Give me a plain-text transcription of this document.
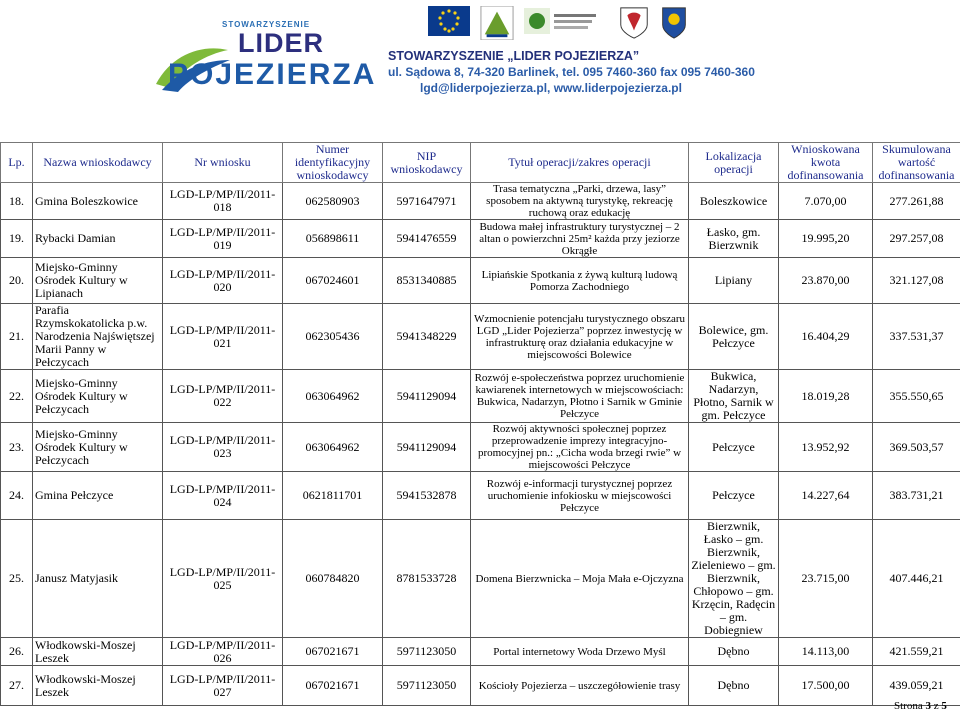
STOWARZYSZENIE
LIDER
POJEZIERZA
STOWARZYSZENIE „LIDER POJEZIERZA”
ul. Sądowa 8, 74-320 Barlinek, tel. 095 7460-360 fax 095 7460-360
lgd@liderpojezierza.pl, www.liderpojezierza.pl
Lp.	Nazwa wnioskodawcy	Nr wniosku	Numer identyfikacyjny wnioskodawcy	NIP wnioskodawcy	Tytuł operacji/zakres operacji	Lokalizacja operacji	Wnioskowana kwota dofinansowania	Skumulowana wartość dofinansowania
18.	Gmina Boleszkowice	LGD-LP/MP/II/2011-018	062580903	5971647971	Trasa tematyczna „Parki, drzewa, lasy” sposobem na aktywną turystykę, rekreację ruchową oraz edukację	Boleszkowice	7.070,00	277.261,88
19.	Rybacki Damian	LGD-LP/MP/II/2011-019	056898611	5941476559	Budowa małej infrastruktury turystycznej – 2 altan o powierzchni 25m² każda przy jeziorze Okrągłe	Łasko, gm. Bierzwnik	19.995,20	297.257,08
20.	Miejsko-Gminny Ośrodek Kultury w Lipianach	LGD-LP/MP/II/2011-020	067024601	8531340885	Lipiańskie Spotkania z żywą kulturą ludową Pomorza Zachodniego	Lipiany	23.870,00	321.127,08
21.	Parafia Rzymskokatolicka p.w. Narodzenia Najświętszej Marii Panny w Pełczycach	LGD-LP/MP/II/2011-021	062305436	5941348229	Wzmocnienie potencjału turystycznego obszaru LGD „Lider Pojezierza” poprzez inwestycję w infrastrukturę oraz działania edukacyjne w miejscowości Bolewice	Bolewice, gm. Pełczyce	16.404,29	337.531,37
22.	Miejsko-Gminny Ośrodek Kultury w Pełczycach	LGD-LP/MP/II/2011-022	063064962	5941129094	Rozwój e-społeczeństwa poprzez uruchomienie kawiarenek internetowych w miejscowościach: Bukwica, Nadarzyn, Płotno i Sarnik w Gminie Pełczyce	Bukwica, Nadarzyn, Płotno, Sarnik w gm. Pełczyce	18.019,28	355.550,65
23.	Miejsko-Gminny Ośrodek Kultury w Pełczycach	LGD-LP/MP/II/2011-023	063064962	5941129094	Rozwój aktywności społecznej poprzez przeprowadzenie imprezy integracyjno-promocyjnej pn.: „Cicha woda brzegi rwie” w miejscowości Pełczyce	Pełczyce	13.952,92	369.503,57
24.	Gmina Pełczyce	LGD-LP/MP/II/2011-024	0621811701	5941532878	Rozwój e-informacji turystycznej poprzez uruchomienie infokiosku w miejscowości Pełczyce	Pełczyce	14.227,64	383.731,21
25.	Janusz Matyjasik	LGD-LP/MP/II/2011-025	060784820	8781533728	Domena Bierzwnicka – Moja Mała e-Ojczyzna	Bierzwnik, Łasko – gm. Bierzwnik, Zieleniewo – gm. Bierzwnik, Chłopowo – gm. Krzęcin, Radęcin – gm. Dobiegniew	23.715,00	407.446,21
26.	Włodkowski-Moszej Leszek	LGD-LP/MP/II/2011-026	067021671	5971123050	Portal internetowy Woda Drzewo Myśl	Dębno	14.113,00	421.559,21
27.	Włodkowski-Moszej Leszek	LGD-LP/MP/II/2011-027	067021671	5971123050	Kościoły Pojezierza – uszczegółowienie trasy	Dębno	17.500,00	439.059,21
Strona 3 z 5
